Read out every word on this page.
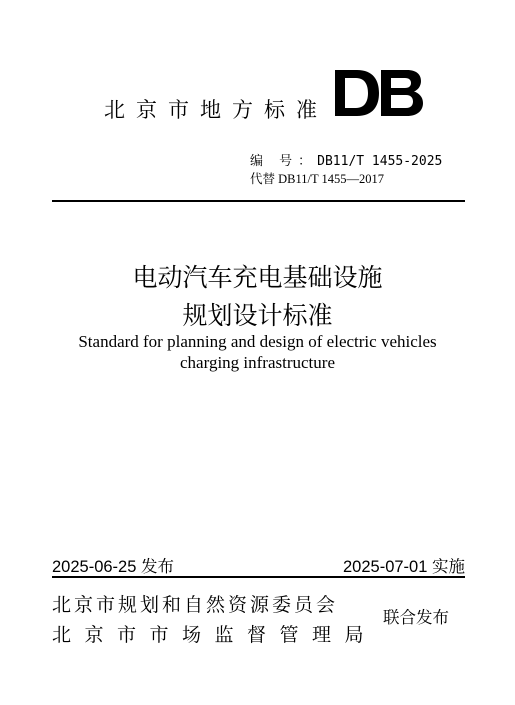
北京市地方标准
编 号：DB11/T 1455-2025
代替 DB11/T 1455—2017
电动汽车充电基础设施
规划设计标准
Standard for planning and design of electric vehicles
charging infrastructure
2025-06-25 发布	2025-07-01 实施
北京市规划和自然资源委员会
北京市市场监督管理局
联合发布
